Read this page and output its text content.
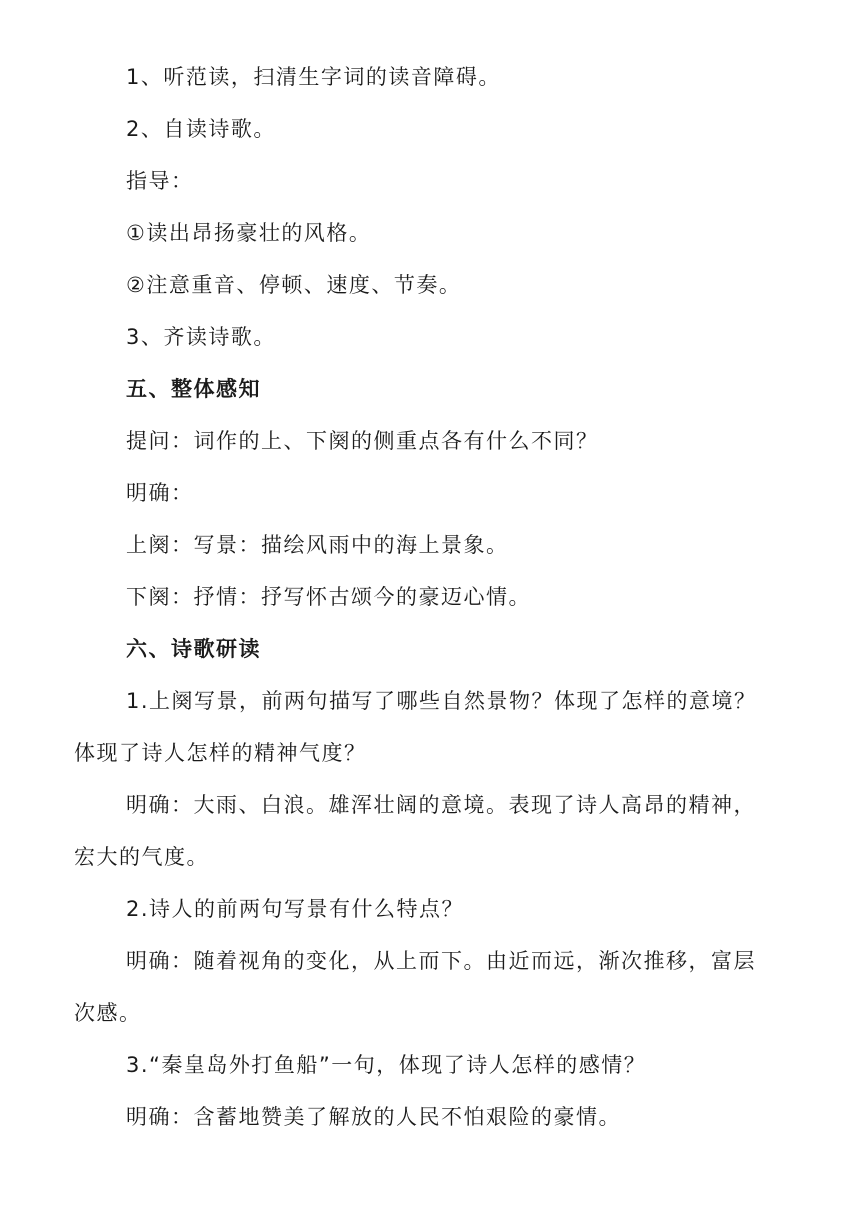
1、听范读，扫清生字词的读音障碍。
2、自读诗歌。
指导：
①读出昂扬豪壮的风格。
②注意重音、停顿、速度、节奏。
3、齐读诗歌。
五、整体感知
提问：词作的上、下阕的侧重点各有什么不同？
明确：
上阕：写景：描绘风雨中的海上景象。
下阕：抒情：抒写怀古颂今的豪迈心情。
六、诗歌研读
1.上阕写景，前两句描写了哪些自然景物？体现了怎样的意境？
体现了诗人怎样的精神气度？
明确：大雨、白浪。雄浑壮阔的意境。表现了诗人高昂的精神，
宏大的气度。
2.诗人的前两句写景有什么特点？
明确：随着视角的变化，从上而下。由近而远，渐次推移，富层
次感。
3.“秦皇岛外打鱼船”一句，体现了诗人怎样的感情？
明确：含蓄地赞美了解放的人民不怕艰险的豪情。
